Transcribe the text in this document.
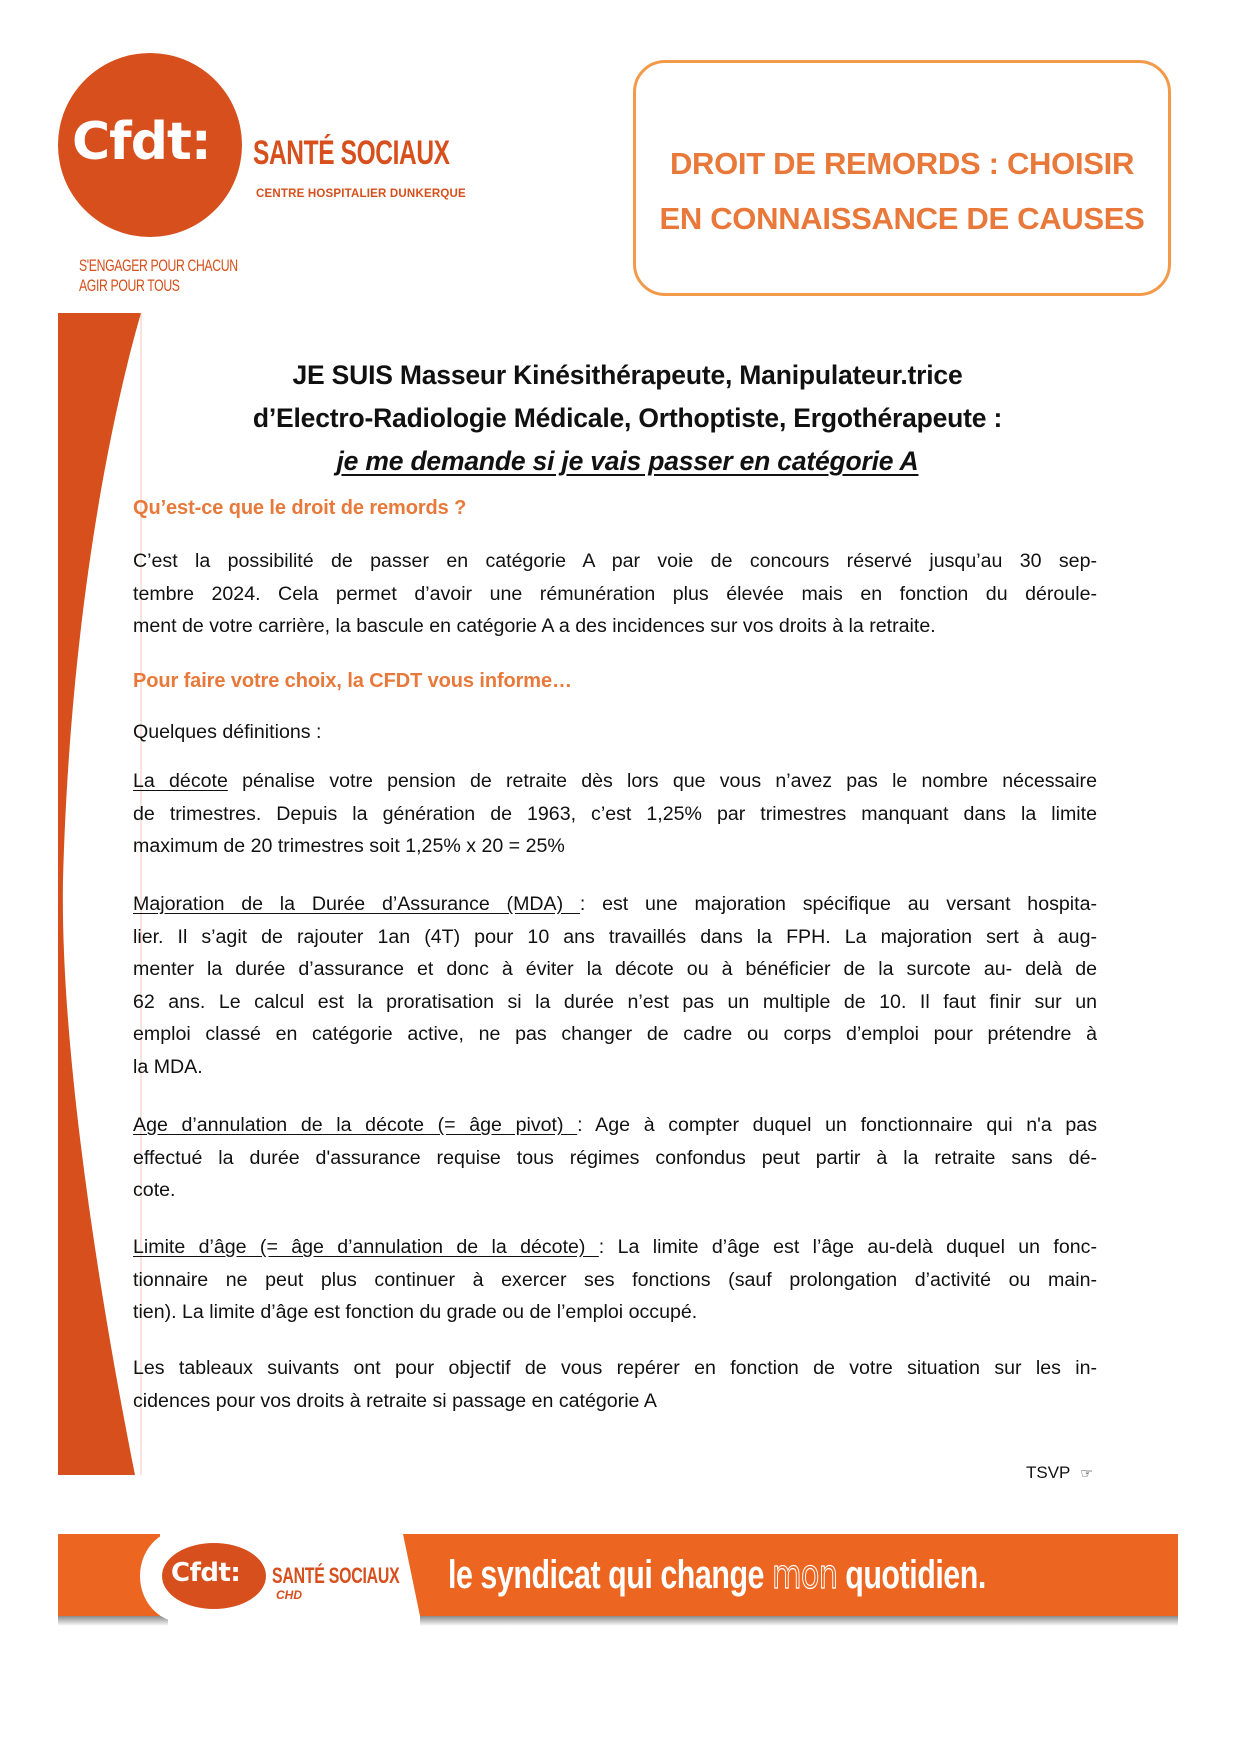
Cfdt:	SANTÉ SOCIAUX
CENTRE HOSPITALIER DUNKERQUE
S'ENGAGER POUR CHACUN
AGIR POUR TOUS
DROIT DE REMORDS : CHOISIR
EN CONNAISSANCE DE CAUSES
JE SUIS Masseur Kinésithérapeute, Manipulateur.trice
d’Electro-Radiologie Médicale, Orthoptiste, Ergothérapeute :
je me demande si je vais passer en catégorie A
Qu’est-ce que le droit de remords ?
C’est la possibilité de passer en catégorie A par voie de concours réservé jusqu’au 30 sep-
tembre 2024. Cela permet d’avoir une rémunération plus élevée mais en fonction du déroule-
ment de votre carrière, la bascule en catégorie A a des incidences sur vos droits à la retraite.
Pour faire votre choix, la CFDT vous informe…
Quelques définitions :
La décote pénalise votre pension de retraite dès lors que vous n’avez pas le nombre nécessaire
de trimestres. Depuis la génération de 1963, c’est 1,25% par trimestres manquant dans la limite
maximum de 20 trimestres soit 1,25% x 20 = 25%
Majoration de la Durée d’Assurance (MDA) : est une majoration spécifique au versant hospita-
lier. Il s’agit de rajouter 1an (4T) pour 10 ans travaillés dans la FPH. La majoration sert à aug-
menter la durée d’assurance et donc à éviter la décote ou à bénéficier de la surcote au- delà de
62 ans. Le calcul est la proratisation si la durée n’est pas un multiple de 10. Il faut finir sur un
emploi classé en catégorie active, ne pas changer de cadre ou corps d’emploi pour prétendre à
la MDA.
Age d’annulation de la décote (= âge pivot) : Age à compter duquel un fonctionnaire qui n'a pas
effectué la durée d'assurance requise tous régimes confondus peut partir à la retraite sans dé-
cote.
Limite d’âge (= âge d’annulation de la décote) : La limite d’âge est l’âge au-delà duquel un fonc-
tionnaire ne peut plus continuer à exercer ses fonctions (sauf prolongation d’activité ou main-
tien). La limite d’âge est fonction du grade ou de l’emploi occupé.
Les tableaux suivants ont pour objectif de vous repérer en fonction de votre situation sur les in-
cidences pour vos droits à retraite si passage en catégorie A
TSVP ☞
Cfdt: SANTÉ SOCIAUX
CHD	le syndicat qui change mon quotidien.
